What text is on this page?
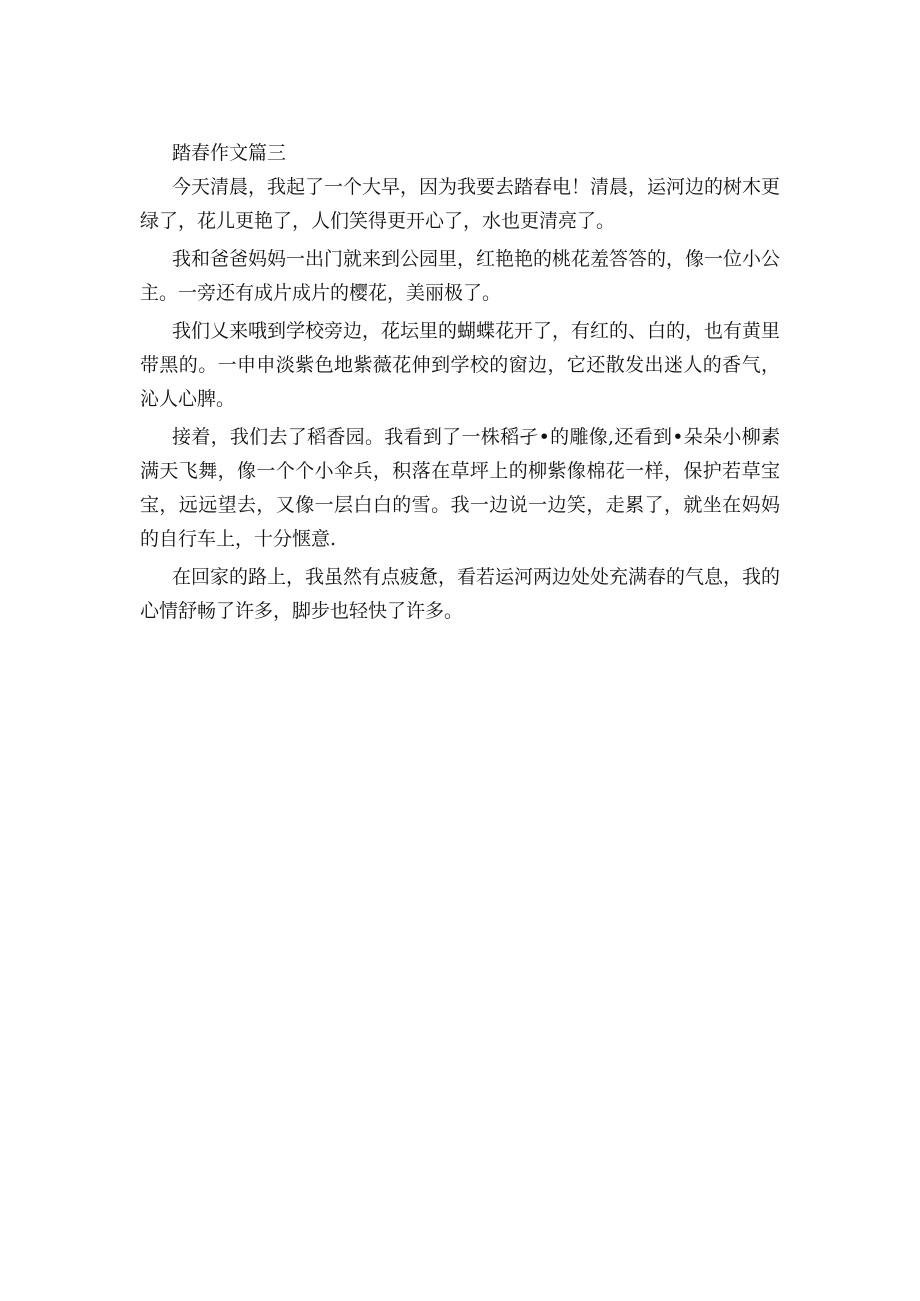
踏春作文篇三

今天清晨，我起了一个大早，因为我要去踏春电！清晨，运河边的树木更绿了，花儿更艳了，人们笑得更开心了，水也更清亮了。

我和爸爸妈妈一出门就来到公园里，红艳艳的桃花羞答答的，像一位小公主。一旁还有成片成片的樱花，美丽极了。

我们乂来哦到学校旁边，花坛里的蝴蝶花开了，有红的、白的，也有黄里带黑的。一申申淡紫色地紫薇花伸到学校的窗边，它还散发出迷人的香气，沁人心脾。

接着，我们去了稻香园。我看到了一株稻孑•的雕像,还看到•朵朵小柳素满天飞舞，像一个个小伞兵，积落在草坪上的柳紫像棉花一样，保护若草宝宝，远远望去，又像一层白白的雪。我一边说一边笑，走累了，就坐在妈妈的自行车上，十分惬意.

在回家的路上，我虽然有点疲惫，看若运河两边处处充满春的气息，我的心情舒畅了许多，脚步也轻快了许多。
